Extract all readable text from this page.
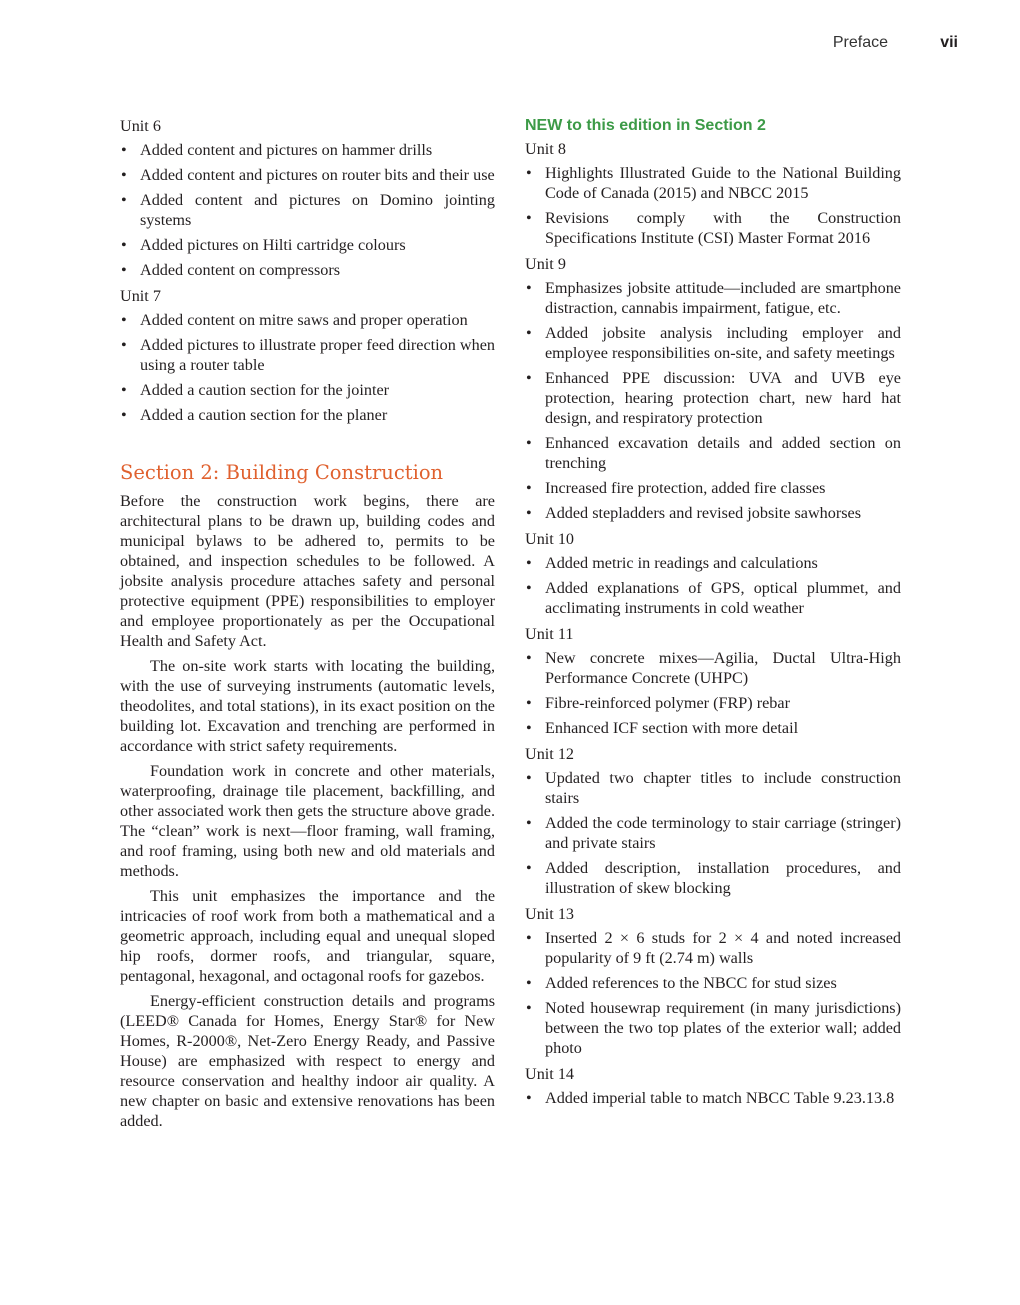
Preface	vii
Unit 6
• Added content and pictures on hammer drills
• Added content and pictures on router bits and their use
• Added content and pictures on Domino jointing systems
• Added pictures on Hilti cartridge colours
• Added content on compressors
Unit 7
• Added content on mitre saws and proper operation
• Added pictures to illustrate proper feed direction when using a router table
• Added a caution section for the jointer
• Added a caution section for the planer
Section 2: Building Construction

Before the construction work begins, there are architectural plans to be drawn up, building codes and municipal bylaws to be adhered to, permits to be obtained, and inspection schedules to be followed. A jobsite analysis procedure attaches safety and personal protective equipment (PPE) responsibilities to employer and employee proportionately as per the Occupational Health and Safety Act.

The on-site work starts with locating the building, with the use of surveying instruments (automatic levels, theodolites, and total stations), in its exact position on the building lot. Excavation and trenching are performed in accordance with strict safety requirements.

Foundation work in concrete and other materials, waterproofing, drainage tile placement, backfilling, and other associated work then gets the structure above grade. The “clean” work is next—floor framing, wall framing, and roof framing, using both new and old materials and methods.

This unit emphasizes the importance and the intricacies of roof work from both a mathematical and a geometric approach, including equal and unequal sloped hip roofs, dormer roofs, and triangular, square, pentagonal, hexagonal, and octagonal roofs for gazebos.

Energy-efficient construction details and programs (LEED® Canada for Homes, Energy Star® for New Homes, R-2000®, Net-Zero Energy Ready, and Passive House) are emphasized with respect to energy and resource conservation and healthy indoor air quality. A new chapter on basic and extensive renovations has been added.

NEW to this edition in Section 2
Unit 8
• Highlights Illustrated Guide to the National Building Code of Canada (2015) and NBCC 2015
• Revisions comply with the Construction Specifications Institute (CSI) Master Format 2016
Unit 9
• Emphasizes jobsite attitude—included are smartphone distraction, cannabis impairment, fatigue, etc.
• Added jobsite analysis including employer and employee responsibilities on-site, and safety meetings
• Enhanced PPE discussion: UVA and UVB eye protection, hearing protection chart, new hard hat design, and respiratory protection
• Enhanced excavation details and added section on trenching
• Increased fire protection, added fire classes
• Added stepladders and revised jobsite sawhorses
Unit 10
• Added metric in readings and calculations
• Added explanations of GPS, optical plummet, and acclimating instruments in cold weather
Unit 11
• New concrete mixes—Agilia, Ductal Ultra-High Performance Concrete (UHPC)
• Fibre-reinforced polymer (FRP) rebar
• Enhanced ICF section with more detail
Unit 12
• Updated two chapter titles to include construction stairs
• Added the code terminology to stair carriage (stringer) and private stairs
• Added description, installation procedures, and illustration of skew blocking
Unit 13
• Inserted 2 × 6 studs for 2 × 4 and noted increased popularity of 9 ft (2.74 m) walls
• Added references to the NBCC for stud sizes
• Noted housewrap requirement (in many jurisdictions) between the two top plates of the exterior wall; added photo
Unit 14
• Added imperial table to match NBCC Table 9.23.13.8
